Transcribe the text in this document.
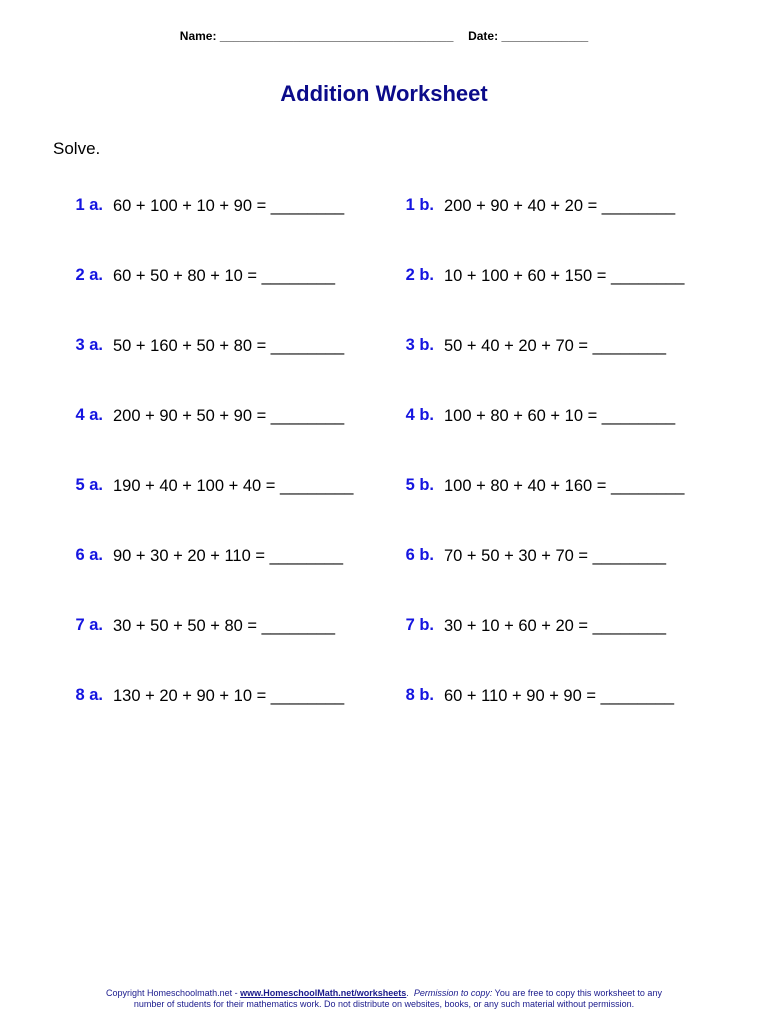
Name: ___________________________________ Date: _____________
Addition Worksheet
Solve.
1 a. 60 + 100 + 10 + 90 = ________	1 b. 200 + 90 + 40 + 20 = ________
2 a. 60 + 50 + 80 + 10 = ________	2 b. 10 + 100 + 60 + 150 = ________
3 a. 50 + 160 + 50 + 80 = ________	3 b. 50 + 40 + 20 + 70 = ________
4 a. 200 + 90 + 50 + 90 = ________	4 b. 100 + 80 + 60 + 10 = ________
5 a. 190 + 40 + 100 + 40 = ________	5 b. 100 + 80 + 40 + 160 = ________
6 a. 90 + 30 + 20 + 110 = ________	6 b. 70 + 50 + 30 + 70 = ________
7 a. 30 + 50 + 50 + 80 = ________	7 b. 30 + 10 + 60 + 20 = ________
8 a. 130 + 20 + 90 + 10 = ________	8 b. 60 + 110 + 90 + 90 = ________
Copyright Homeschoolmath.net - www.HomeschoolMath.net/worksheets.  Permission to copy: You are free to copy this worksheet to any
number of students for their mathematics work. Do not distribute on websites, books, or any such material without permission.
